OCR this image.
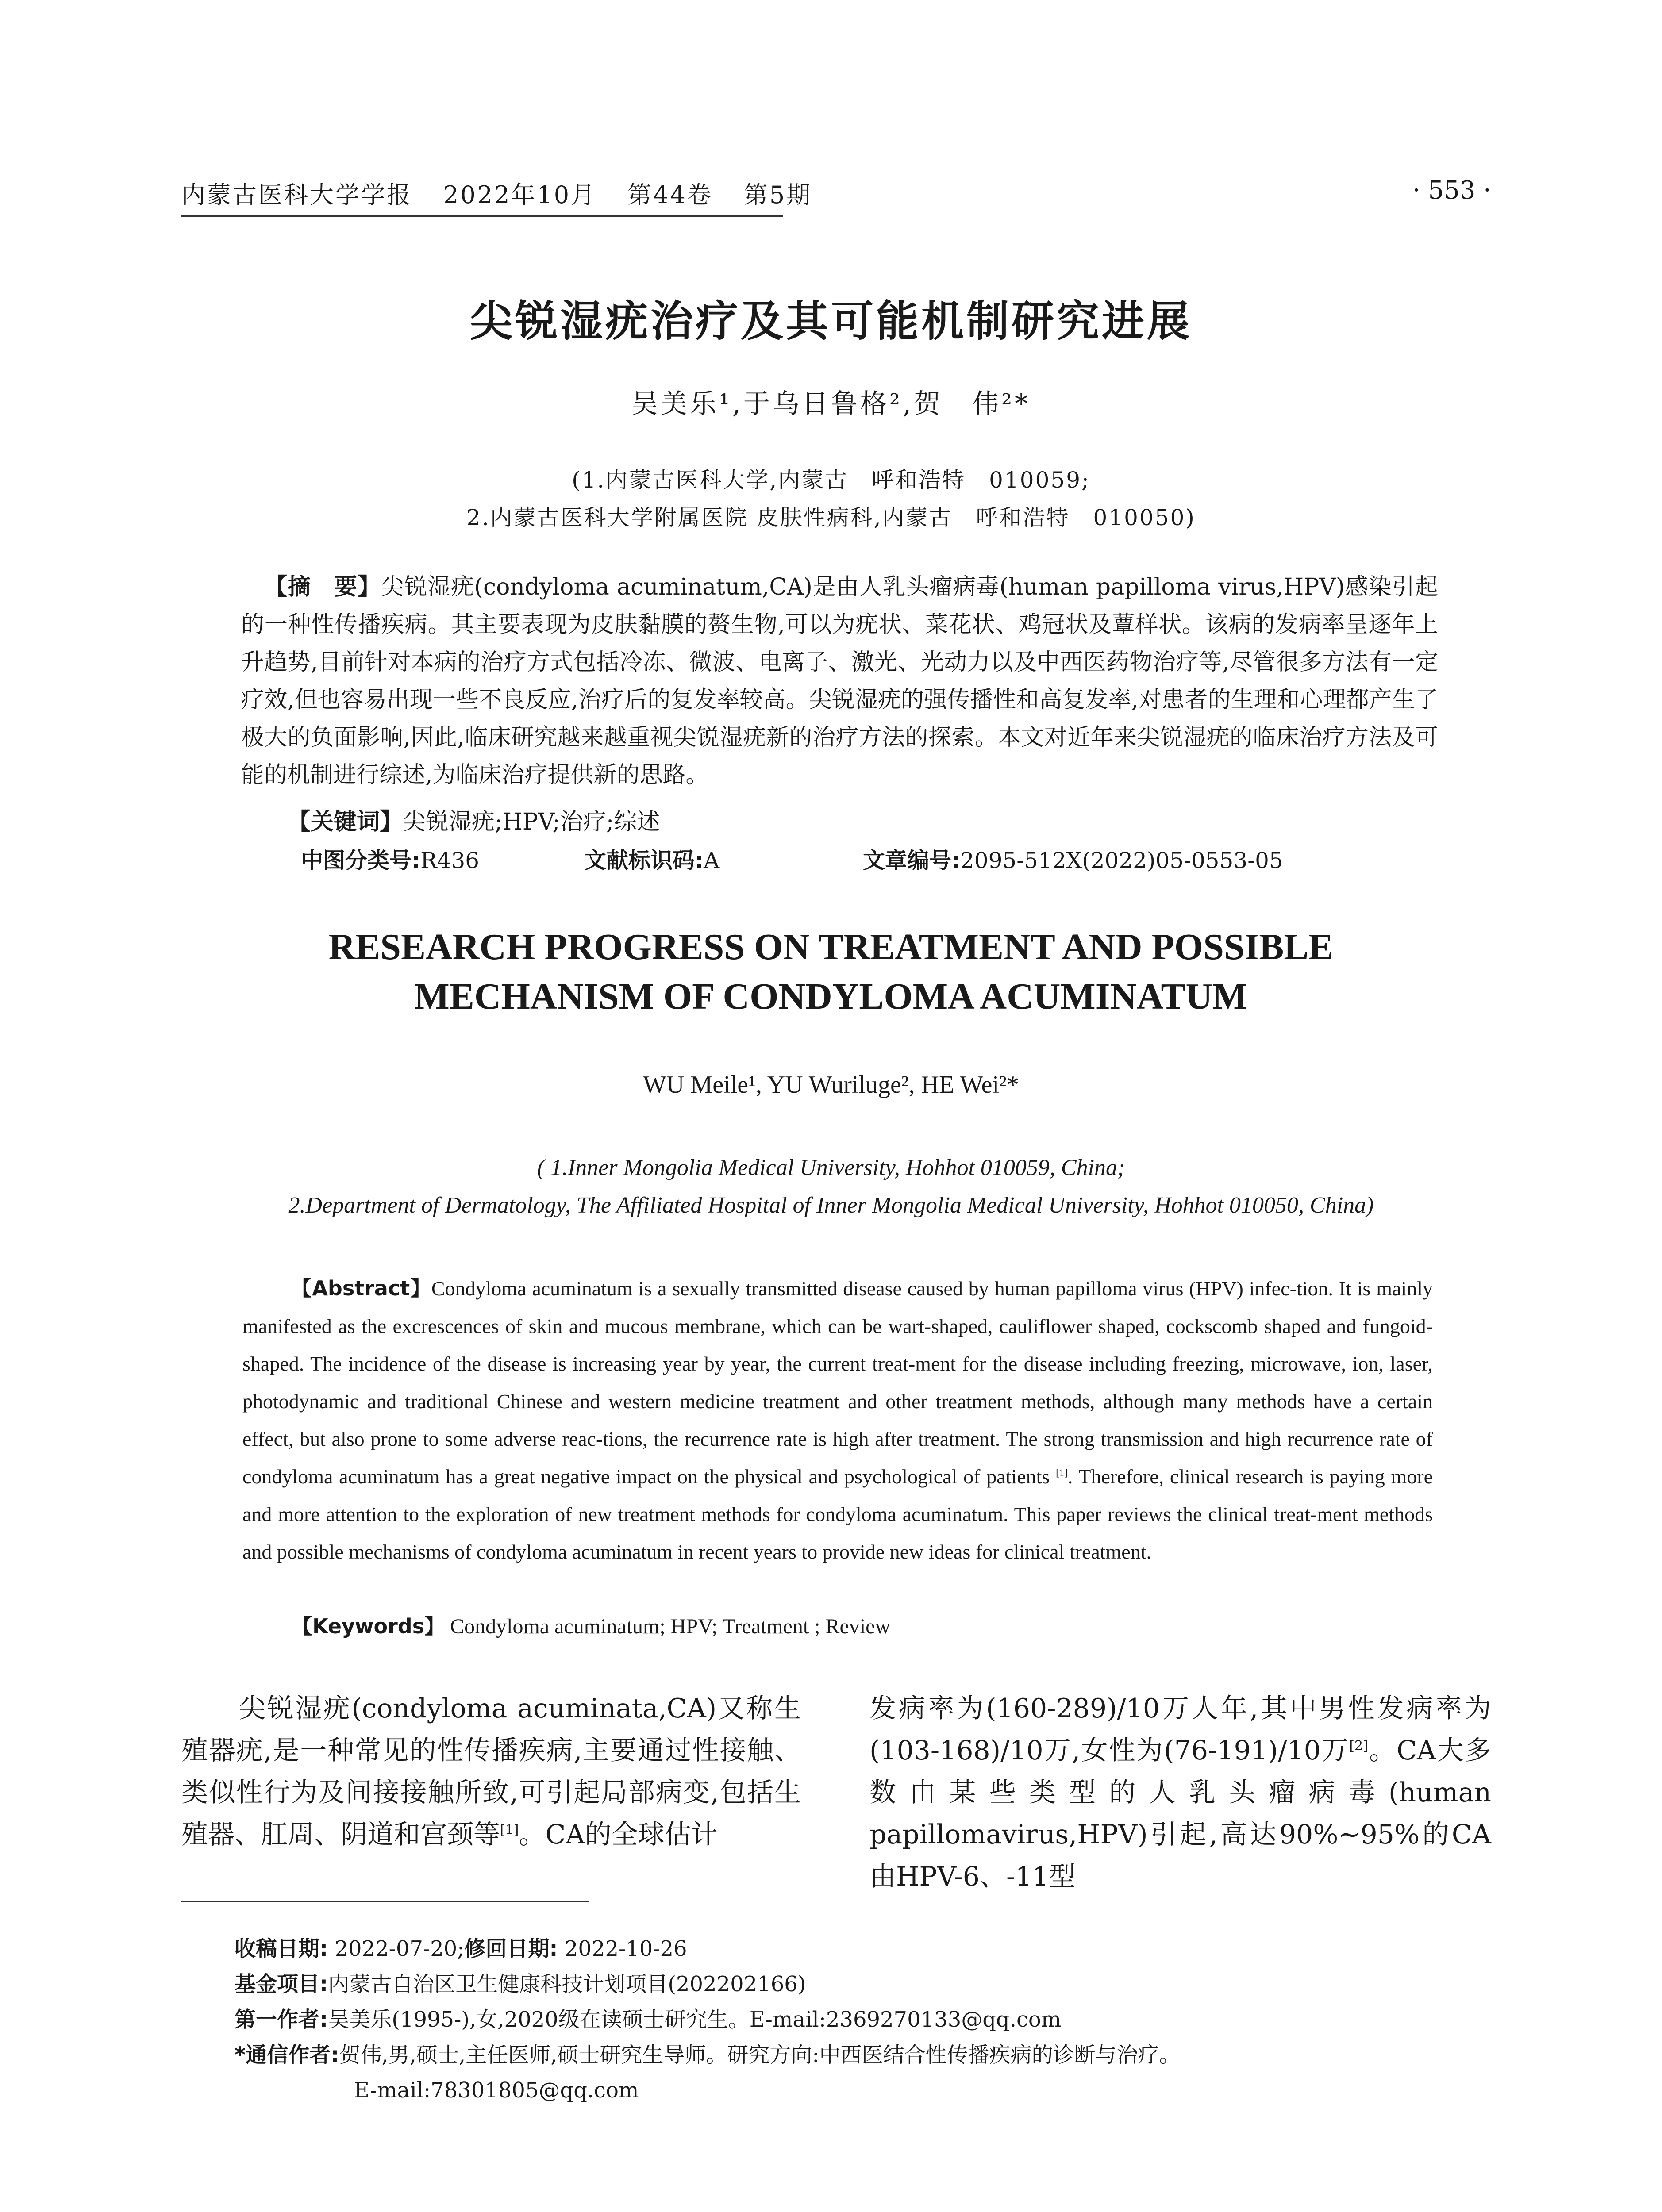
内蒙古医科大学学报 2022年10月 第44卷 第5期	· 553 ·
尖锐湿疣治疗及其可能机制研究进展
吴美乐¹,于乌日鲁格²,贺　伟²*
(1.内蒙古医科大学,内蒙古　呼和浩特　010059;
2.内蒙古医科大学附属医院 皮肤性病科,内蒙古　呼和浩特　010050)
【摘　要】尖锐湿疣(condyloma acuminatum,CA)是由人乳头瘤病毒(human papilloma virus,HPV)感染引起的一种性传播疾病。其主要表现为皮肤黏膜的赘生物,可以为疣状、菜花状、鸡冠状及蕈样状。该病的发病率呈逐年上升趋势,目前针对本病的治疗方式包括冷冻、微波、电离子、激光、光动力以及中西医药物治疗等,尽管很多方法有一定疗效,但也容易出现一些不良反应,治疗后的复发率较高。尖锐湿疣的强传播性和高复发率,对患者的生理和心理都产生了极大的负面影响,因此,临床研究越来越重视尖锐湿疣新的治疗方法的探索。本文对近年来尖锐湿疣的临床治疗方法及可能的机制进行综述,为临床治疗提供新的思路。
【关键词】尖锐湿疣;HPV;治疗;综述
中图分类号:R436	文献标识码:A	文章编号:2095-512X(2022)05-0553-05
RESEARCH PROGRESS ON TREATMENT AND POSSIBLE
MECHANISM OF CONDYLOMA ACUMINATUM
WU Meile¹, YU Wuriluge², HE Wei²*
( 1.Inner Mongolia Medical University, Hohhot 010059, China;
2.Department of Dermatology, The Affiliated Hospital of Inner Mongolia Medical University, Hohhot 010050, China)
【Abstract】Condyloma acuminatum is a sexually transmitted disease caused by human papilloma virus (HPV) infec-tion. It is mainly manifested as the excrescences of skin and mucous membrane, which can be wart-shaped, cauliflower shaped, cockscomb shaped and fungoid-shaped. The incidence of the disease is increasing year by year, the current treat-ment for the disease including freezing, microwave, ion, laser, photodynamic and traditional Chinese and western medicine treatment and other treatment methods, although many methods have a certain effect, but also prone to some adverse reac-tions, the recurrence rate is high after treatment. The strong transmission and high recurrence rate of condyloma acuminatum has a great negative impact on the physical and psychological of patients [1]. Therefore, clinical research is paying more and more attention to the exploration of new treatment methods for condyloma acuminatum. This paper reviews the clinical treat-ment methods and possible mechanisms of condyloma acuminatum in recent years to provide new ideas for clinical treatment.
【Keywords】 Condyloma acuminatum; HPV; Treatment ; Review
尖锐湿疣(condyloma acuminata,CA)又称生殖器疣,是一种常见的性传播疾病,主要通过性接触、类似性行为及间接接触所致,可引起局部病变,包括生殖器、肛周、阴道和宫颈等[1]。CA的全球估计
发病率为(160-289)/10万人年,其中男性发病率为(103-168)/10万,女性为(76-191)/10万[2]。CA大多数由某些类型的人乳头瘤病毒(human papillomavirus,HPV)引起,高达90%~95%的CA由HPV-6、-11型
收稿日期: 2022-07-20;修回日期: 2022-10-26
基金项目:内蒙古自治区卫生健康科技计划项目(202202166)
第一作者:吴美乐(1995-),女,2020级在读硕士研究生。E-mail:2369270133@qq.com
*通信作者:贺伟,男,硕士,主任医师,硕士研究生导师。研究方向:中西医结合性传播疾病的诊断与治疗。
E-mail:78301805@qq.com
